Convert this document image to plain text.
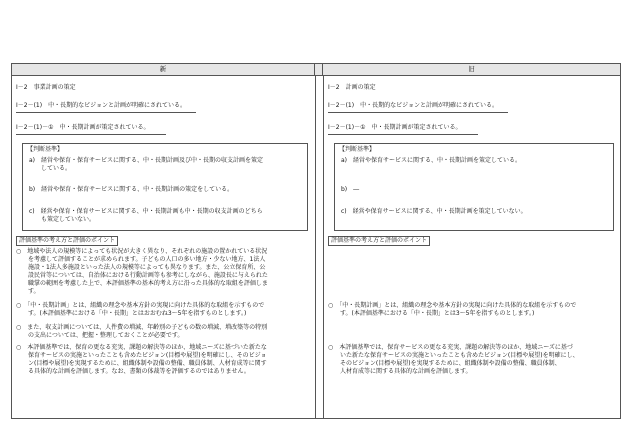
新	旧
Ⅰ－2　事業計画の策定
Ⅰ－2－(1)　中・長期的なビジョンと計画が明確にされている。
Ⅰ－2－(1)－①　中・長期計画が策定されている。
【判断基準】
a)　経営や保育・保育サービスに関する、中・長期計画及び中・長期の収支計画を策定
　　している。
b)　経営や保育・保育サービスに関する、中・長期計画の策定をしている。
c)　経営や保育・保育サービスに関する、中・長期計画も中・長期の収支計画のどちら
　　も策定していない。
評価基準の考え方と評価のポイント
○　地域や法人の規模等によっても状況が大きく異なり、それぞれの施設の置かれている状況
　　を考慮して評価することが求められます。子どもの人口の多い地方・少ない地方、1法人
　　施設・1法人多施設といった法人の規模等によっても異なります。また、公立保育所、公
　　設民営等については、自治体における行動計画等も参考にしながら、施設長に与えられた
　　職掌の範囲を考慮した上で、本評価基準の基本的考え方に沿った具体的な取組を評価しま
　　す。
○　「中・長期計画」とは、組織の理念や基本方針の実現に向けた具体的な取組を示すもので
　　す。(本評価基準における「中・長期」とはおおむね3～5年を指すものとします。)
○　また、収支計画については、人件費の増減、年齢別の子どもの数の増減、増改築等の特別
　　の支出については、把握・整理しておくことが必要です。
○　本評価基準では、保育の更なる充実、課題の解決等のほか、地域ニーズに基づいた新たな
　　保育サービスの実施といったことも含めたビジョン(目標や展望)を明確にし、そのビジョ
　　ン(目標や展望)を実現するために、組織体制や設備の整備、職員体制、人材育成等に関す
　　る具体的な計画を評価します。なお、書類の体裁等を評価するのではありません。
Ⅰ－2　計画の策定
Ⅰ－2－(1)　中・長期的なビジョンと計画が明確にされている。
Ⅰ－2－(1)－①　中・長期計画が策定されている。
【判断基準】
a)　経営や保育サービスに関する、中・長期計画を策定している。
b)　―
c)　経営や保育サービスに関する、中・長期計画を策定していない。
評価基準の考え方と評価のポイント
○　「中・長期計画」とは、組織の理念や基本方針の実現に向けた具体的な取組を示すもので
　　す。(本評価基準における「中・長期」とは3～5年を指すものとします。)
○　本評価基準では、保育サービスの更なる充実、課題の解決等のほか、地域ニーズに基づ
　　いた新たな保育サービスの実施といったことも含めたビジョン(目標や展望)を明確にし、
　　そのビジョン(目標や展望)を実現するために、組織体制や設備の整備、職員体制、
　　人材育成等に関する具体的な計画を評価します。
